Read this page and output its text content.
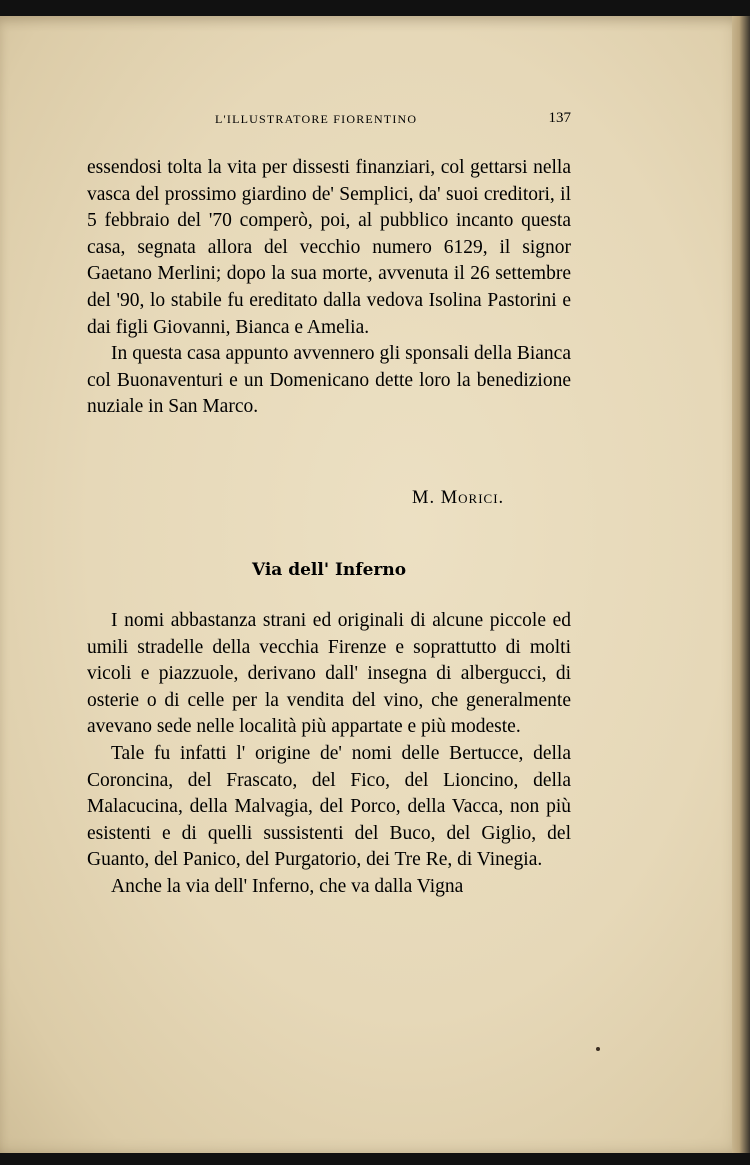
L'ILLUSTRATORE FIORENTINO	137

essendosi tolta la vita per dissesti finanziari, col gettarsi nella vasca del prossimo giardino de' Semplici, da' suoi creditori, il 5 febbraio del '70 comperò, poi, al pubblico incanto questa casa, segnata allora del vecchio numero 6129, il signor Gaetano Merlini; dopo la sua morte, avvenuta il 26 settembre del '90, lo stabile fu ereditato dalla vedova Isolina Pastorini e dai figli Giovanni, Bianca e Amelia.

In questa casa appunto avvennero gli sponsali della Bianca col Buonaventuri e un Domenicano dette loro la benedizione nuziale in San Marco.

M. Morici.
Via dell' Inferno

I nomi abbastanza strani ed originali di alcune piccole ed umili stradelle della vecchia Firenze e soprattutto di molti vicoli e piazzuole, derivano dall' insegna di albergucci, di osterie o di celle per la vendita del vino, che generalmente avevano sede nelle località più appartate e più modeste.

Tale fu infatti l' origine de' nomi delle Bertucce, della Coroncina, del Frascato, del Fico, del Lioncino, della Malacucina, della Malvagia, del Porco, della Vacca, non più esistenti e di quelli sussistenti del Buco, del Giglio, del Guanto, del Panico, del Purgatorio, dei Tre Re, di Vinegia.

Anche la via dell' Inferno, che va dalla Vigna
